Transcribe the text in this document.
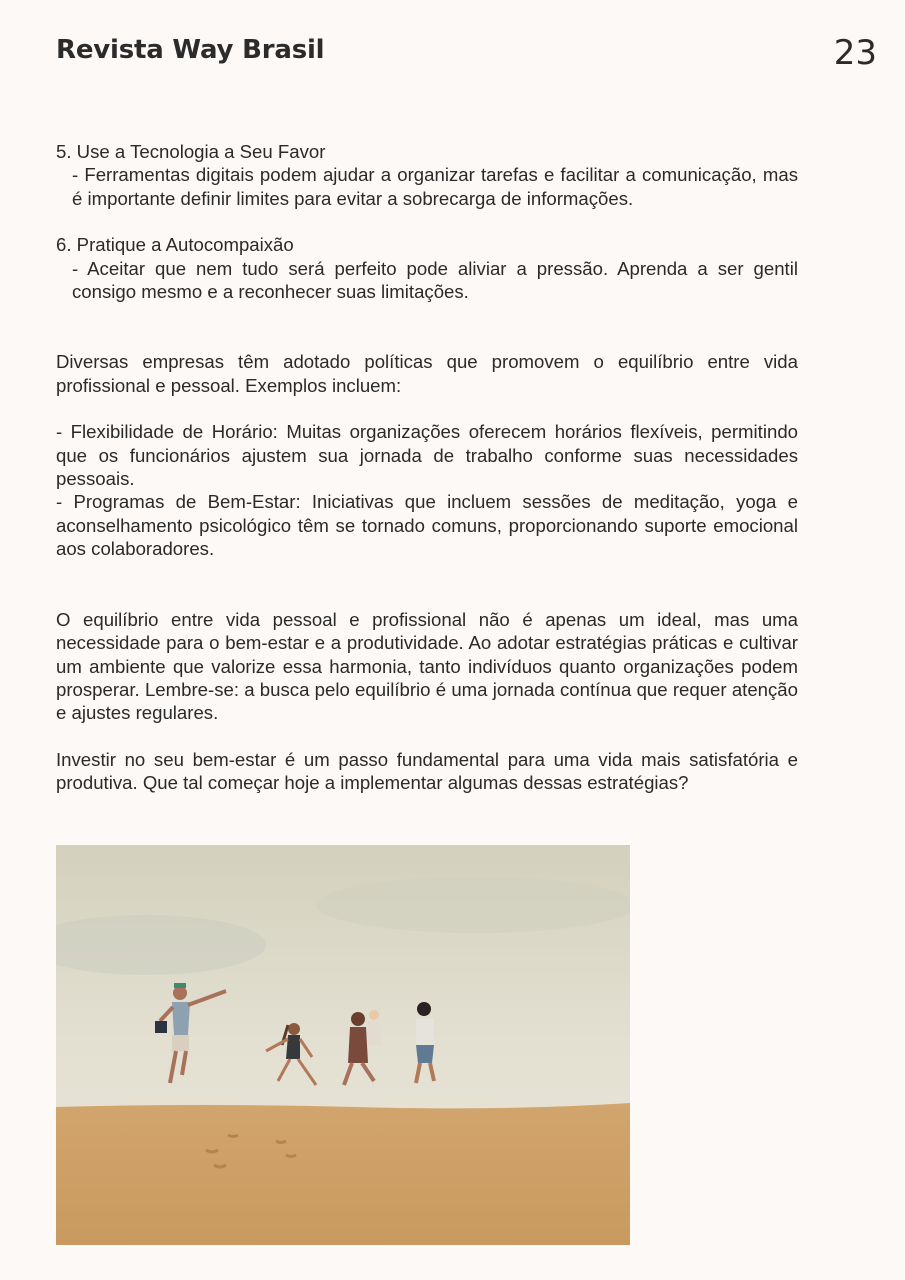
Revista Way Brasil	23

5. Use a Tecnologia a Seu Favor

- Ferramentas digitais podem ajudar a organizar tarefas e facilitar a comunicação, mas é importante definir limites para evitar a sobrecarga de informações.

6. Pratique a Autocompaixão

- Aceitar que nem tudo será perfeito pode aliviar a pressão. Aprenda a ser gentil consigo mesmo e a reconhecer suas limitações.

Diversas empresas têm adotado políticas que promovem o equilíbrio entre vida profissional e pessoal. Exemplos incluem:

- Flexibilidade de Horário: Muitas organizações oferecem horários flexíveis, permitindo que os funcionários ajustem sua jornada de trabalho conforme suas necessidades pessoais.

- Programas de Bem-Estar: Iniciativas que incluem sessões de meditação, yoga e aconselhamento psicológico têm se tornado comuns, proporcionando suporte emocional aos colaboradores.

O equilíbrio entre vida pessoal e profissional não é apenas um ideal, mas uma necessidade para o bem-estar e a produtividade. Ao adotar estratégias práticas e cultivar um ambiente que valorize essa harmonia, tanto indivíduos quanto organizações podem prosperar. Lembre-se: a busca pelo equilíbrio é uma jornada contínua que requer atenção e ajustes regulares.

Investir no seu bem-estar é um passo fundamental para uma vida mais satisfatória e produtiva. Que tal começar hoje a implementar algumas dessas estratégias?
